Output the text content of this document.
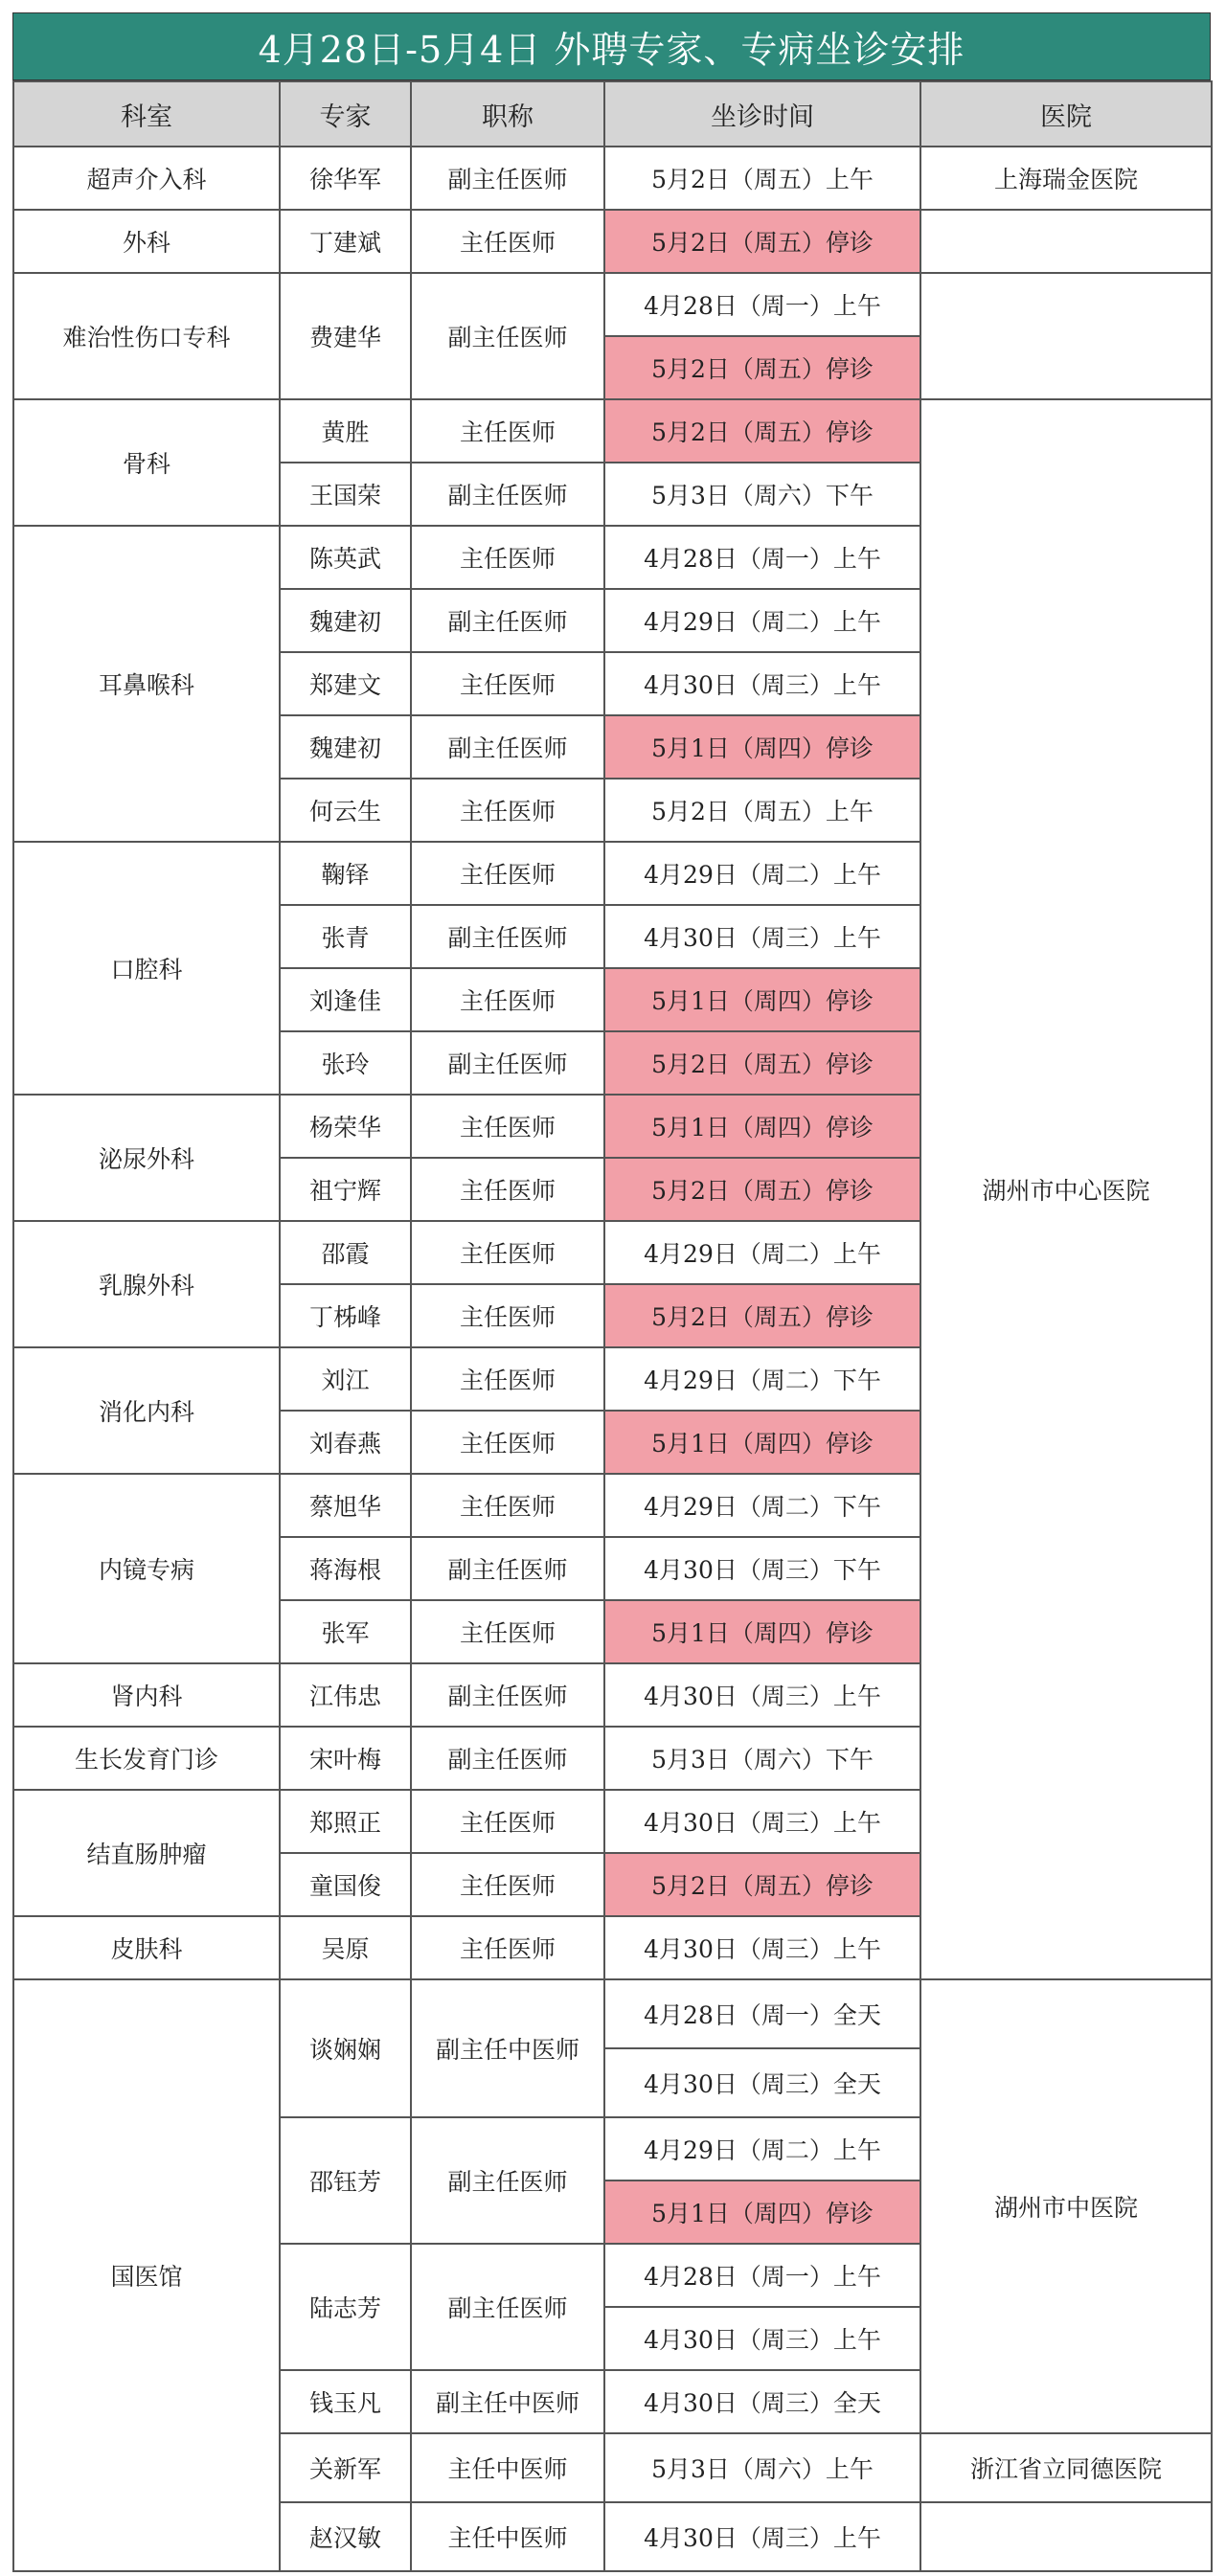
4月28日-5月4日 外聘专家、专病坐诊安排
科室	专家	职称	坐诊时间	医院
超声介入科	徐华军	副主任医师	5月2日（周五）上午	上海瑞金医院
外科	丁建斌	主任医师	5月2日（周五）停诊	
难治性伤口专科	费建华	副主任医师	4月28日（周一）上午	
			5月2日（周五）停诊	
骨科	黄胜	主任医师	5月2日（周五）停诊	湖州市中心医院
	王国荣	副主任医师	5月3日（周六）下午	
耳鼻喉科	陈英武	主任医师	4月28日（周一）上午	
	魏建初	副主任医师	4月29日（周二）上午	
	郑建文	主任医师	4月30日（周三）上午	
	魏建初	副主任医师	5月1日（周四）停诊	
	何云生	主任医师	5月2日（周五）上午	
口腔科	鞠铎	主任医师	4月29日（周二）上午	
	张青	副主任医师	4月30日（周三）上午	
	刘逢佳	主任医师	5月1日（周四）停诊	
	张玲	副主任医师	5月2日（周五）停诊	
泌尿外科	杨荣华	主任医师	5月1日（周四）停诊	
	祖宁辉	主任医师	5月2日（周五）停诊	
乳腺外科	邵霞	主任医师	4月29日（周二）上午	
	丁柹峰	主任医师	5月2日（周五）停诊	
消化内科	刘江	主任医师	4月29日（周二）下午	
	刘春燕	主任医师	5月1日（周四）停诊	
内镜专病	蔡旭华	主任医师	4月29日（周二）下午	
	蒋海根	副主任医师	4月30日（周三）下午	
	张军	主任医师	5月1日（周四）停诊	
肾内科	江伟忠	副主任医师	4月30日（周三）上午	
生长发育门诊	宋叶梅	副主任医师	5月3日（周六）下午	
结直肠肿瘤	郑照正	主任医师	4月30日（周三）上午	
	童国俊	主任医师	5月2日（周五）停诊	
皮肤科	吴原	主任医师	4月30日（周三）上午	
国医馆	谈娴娴	副主任中医师	4月28日（周一）全天	湖州市中医院
			4月30日（周三）全天	
	邵钰芳	副主任医师	4月29日（周二）上午	
			5月1日（周四）停诊	
	陆志芳	副主任医师	4月28日（周一）上午	
			4月30日（周三）上午	
	钱玉凡	副主任中医师	4月30日（周三）全天	
	关新军	主任中医师	5月3日（周六）上午	浙江省立同德医院
	赵汉敏	主任中医师	4月30日（周三）上午	
